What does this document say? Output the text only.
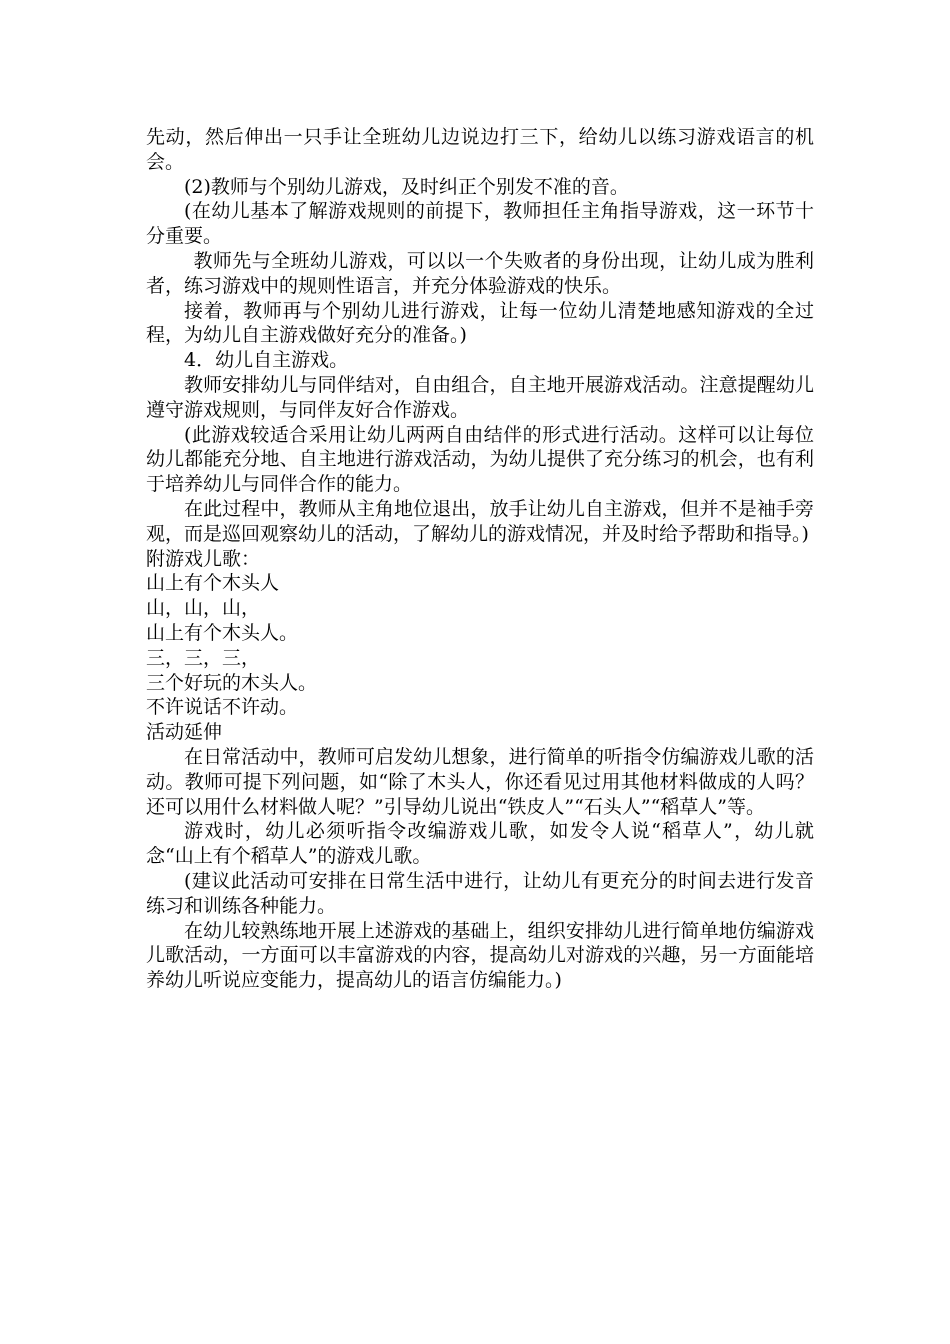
先动，然后伸出一只手让全班幼儿边说边打三下，给幼儿以练习游戏语言的机会。

(2)教师与个别幼儿游戏，及时纠正个别发不准的音。

(在幼儿基本了解游戏规则的前提下，教师担任主角指导游戏，这一环节十分重要。

教师先与全班幼儿游戏，可以以一个失败者的身份出现，让幼儿成为胜利者，练习游戏中的规则性语言，并充分体验游戏的快乐。

接着，教师再与个别幼儿进行游戏，让每一位幼儿清楚地感知游戏的全过程，为幼儿自主游戏做好充分的准备。)

4．幼儿自主游戏。

教师安排幼儿与同伴结对，自由组合，自主地开展游戏活动。注意提醒幼儿遵守游戏规则，与同伴友好合作游戏。

(此游戏较适合采用让幼儿两两自由结伴的形式进行活动。这样可以让每位幼儿都能充分地、自主地进行游戏活动，为幼儿提供了充分练习的机会，也有利于培养幼儿与同伴合作的能力。

在此过程中，教师从主角地位退出，放手让幼儿自主游戏，但并不是袖手旁观，而是巡回观察幼儿的活动，了解幼儿的游戏情况，并及时给予帮助和指导。)

附游戏儿歌：

山上有个木头人

山，山，山，

山上有个木头人。

三，三，三，

三个好玩的木头人。

不许说话不许动。

活动延伸

在日常活动中，教师可启发幼儿想象，进行简单的听指令仿编游戏儿歌的活动。教师可提下列问题，如“除了木头人，你还看见过用其他材料做成的人吗？还可以用什么材料做人呢？”引导幼儿说出“铁皮人”“石头人”“稻草人”等。

游戏时，幼儿必须听指令改编游戏儿歌，如发令人说“稻草人”，幼儿就念“山上有个稻草人”的游戏儿歌。

(建议此活动可安排在日常生活中进行，让幼儿有更充分的时间去进行发音练习和训练各种能力。

在幼儿较熟练地开展上述游戏的基础上，组织安排幼儿进行简单地仿编游戏儿歌活动，一方面可以丰富游戏的内容，提高幼儿对游戏的兴趣，另一方面能培养幼儿听说应变能力，提高幼儿的语言仿编能力。)
